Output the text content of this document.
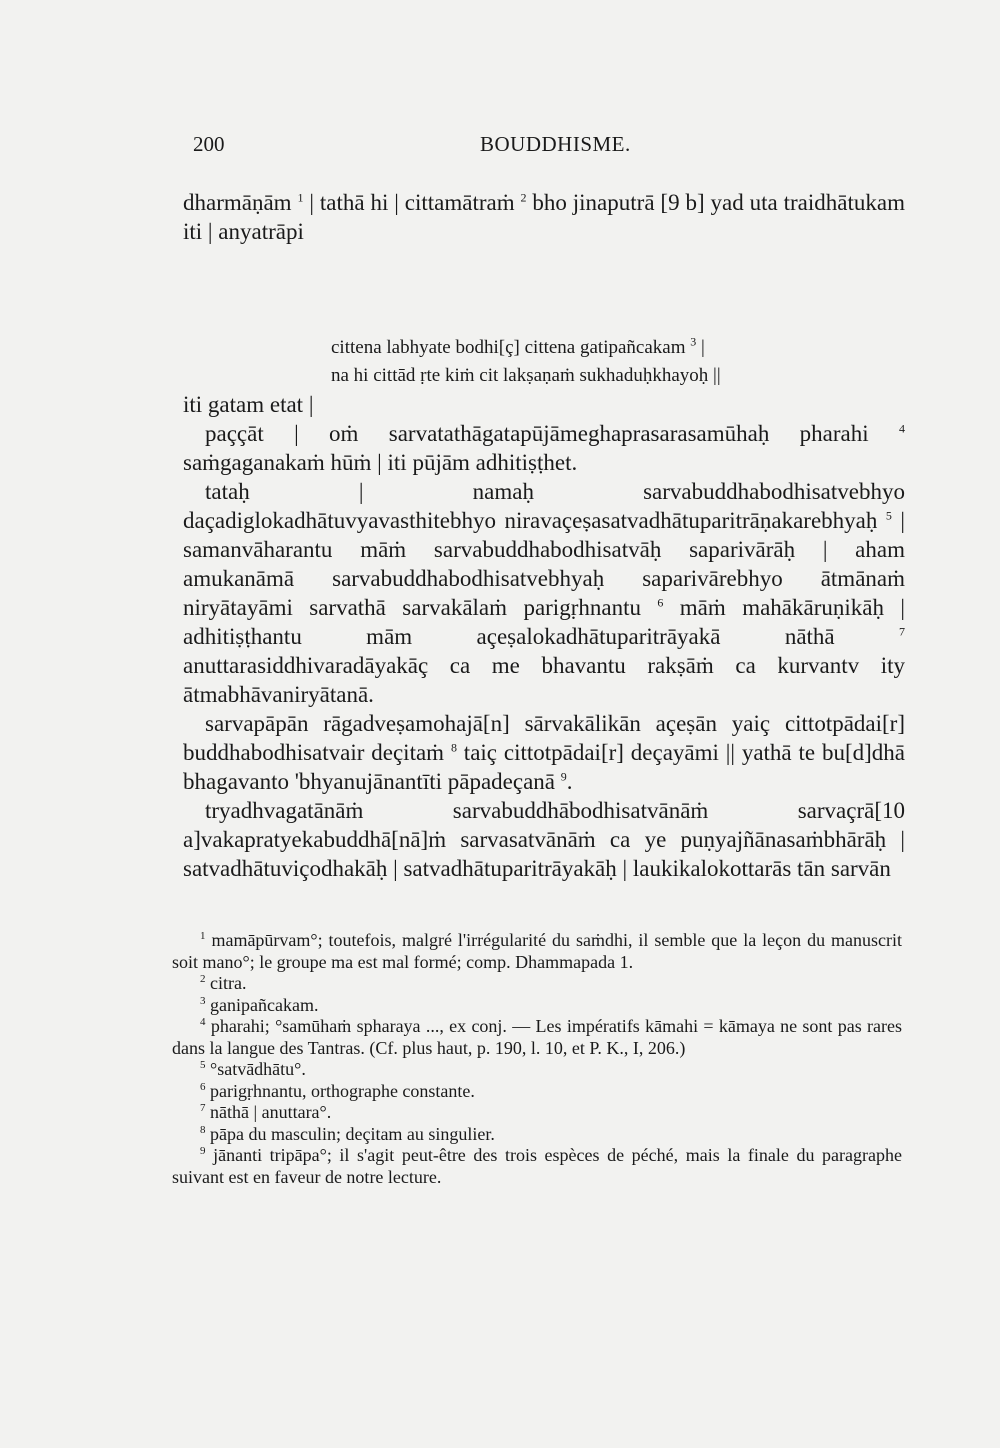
200	BOUDDHISME.

dharmāṇām $^1$ | tathā hi | cittamātraṁ $^2$ bho jinaputrā [9 b] yad uta traidhātukam iti | anyatrāpi

cittena labhyate bodhi[ç] cittena gatipañcakam $^3$ |
na hi cittād ṛte kiṁ cit lakṣaṇaṁ sukhaduḥkhayoḥ ||

iti gatam etat |

paççāt | oṁ sarvatathāgatapūjāmeghaprasarasamūhaḥ pharahi $^4$ saṁgaganakaṁ hūṁ | iti pūjām adhitiṣṭhet.

tataḥ | namaḥ sarvabuddhabodhisatvebhyo daçadiglokadhātuvyavasthitebhyo niravaçeṣasatvadhātuparitrāṇakarebhyaḥ $^5$ | samanvāharantu māṁ sarvabuddhabodhisatvāḥ saparivārāḥ | aham amukanāmā sarvabuddhabodhisatvebhyaḥ saparivārebhyo ātmānaṁ niryātayāmi sarvathā sarvakālaṁ parigṛhnantu $^6$ māṁ mahākāruṇikāḥ | adhitiṣṭhantu mām açeṣalokadhātuparitrāyakā nāthā $^7$ anuttarasiddhivaradāyakāç ca me bhavantu rakṣāṁ ca kurvantv ity ātmabhāvaniryātanā.

sarvapāpān rāgadveṣamohajā[n] sārvakālikān açeṣān yaiç cittotpādai[r] buddhabodhisatvair deçitaṁ $^8$ taiç cittotpādai[r] deçayāmi || yathā te bu[d]dhā bhagavanto 'bhyanujānantīti pāpadeçanā $^9$.

tryadhvagatānāṁ sarvabuddhābodhisatvānāṁ sarvaçrā[10 a]vakapratyekabuddhā[nā]ṁ sarvasatvānāṁ ca ye puṇyajñānasaṁbhārāḥ | satvadhātuviçodhakāḥ | satvadhātuparitrāyakāḥ | laukikalokottarās tān sarvān

$^1$ mamāpūrvam°; toutefois, malgré l'irrégularité du saṁdhi, il semble que la leçon du manuscrit soit mano°; le groupe ma est mal formé; comp. Dhammapada 1.
$^2$ citra.
$^3$ ganipañcakam.
$^4$ pharahi; °samūhaṁ spharaya ..., ex conj. — Les impératifs kāmahi = kāmaya ne sont pas rares dans la langue des Tantras. (Cf. plus haut, p. 190, l. 10, et P. K., I, 206.)
$^5$ °satvādhātu°.
$^6$ parigṛhnantu, orthographe constante.
$^7$ nāthā | anuttara°.
$^8$ pāpa du masculin; deçitam au singulier.
$^9$ jānanti tripāpa°; il s'agit peut-être des trois espèces de péché, mais la finale du paragraphe suivant est en faveur de notre lecture.
